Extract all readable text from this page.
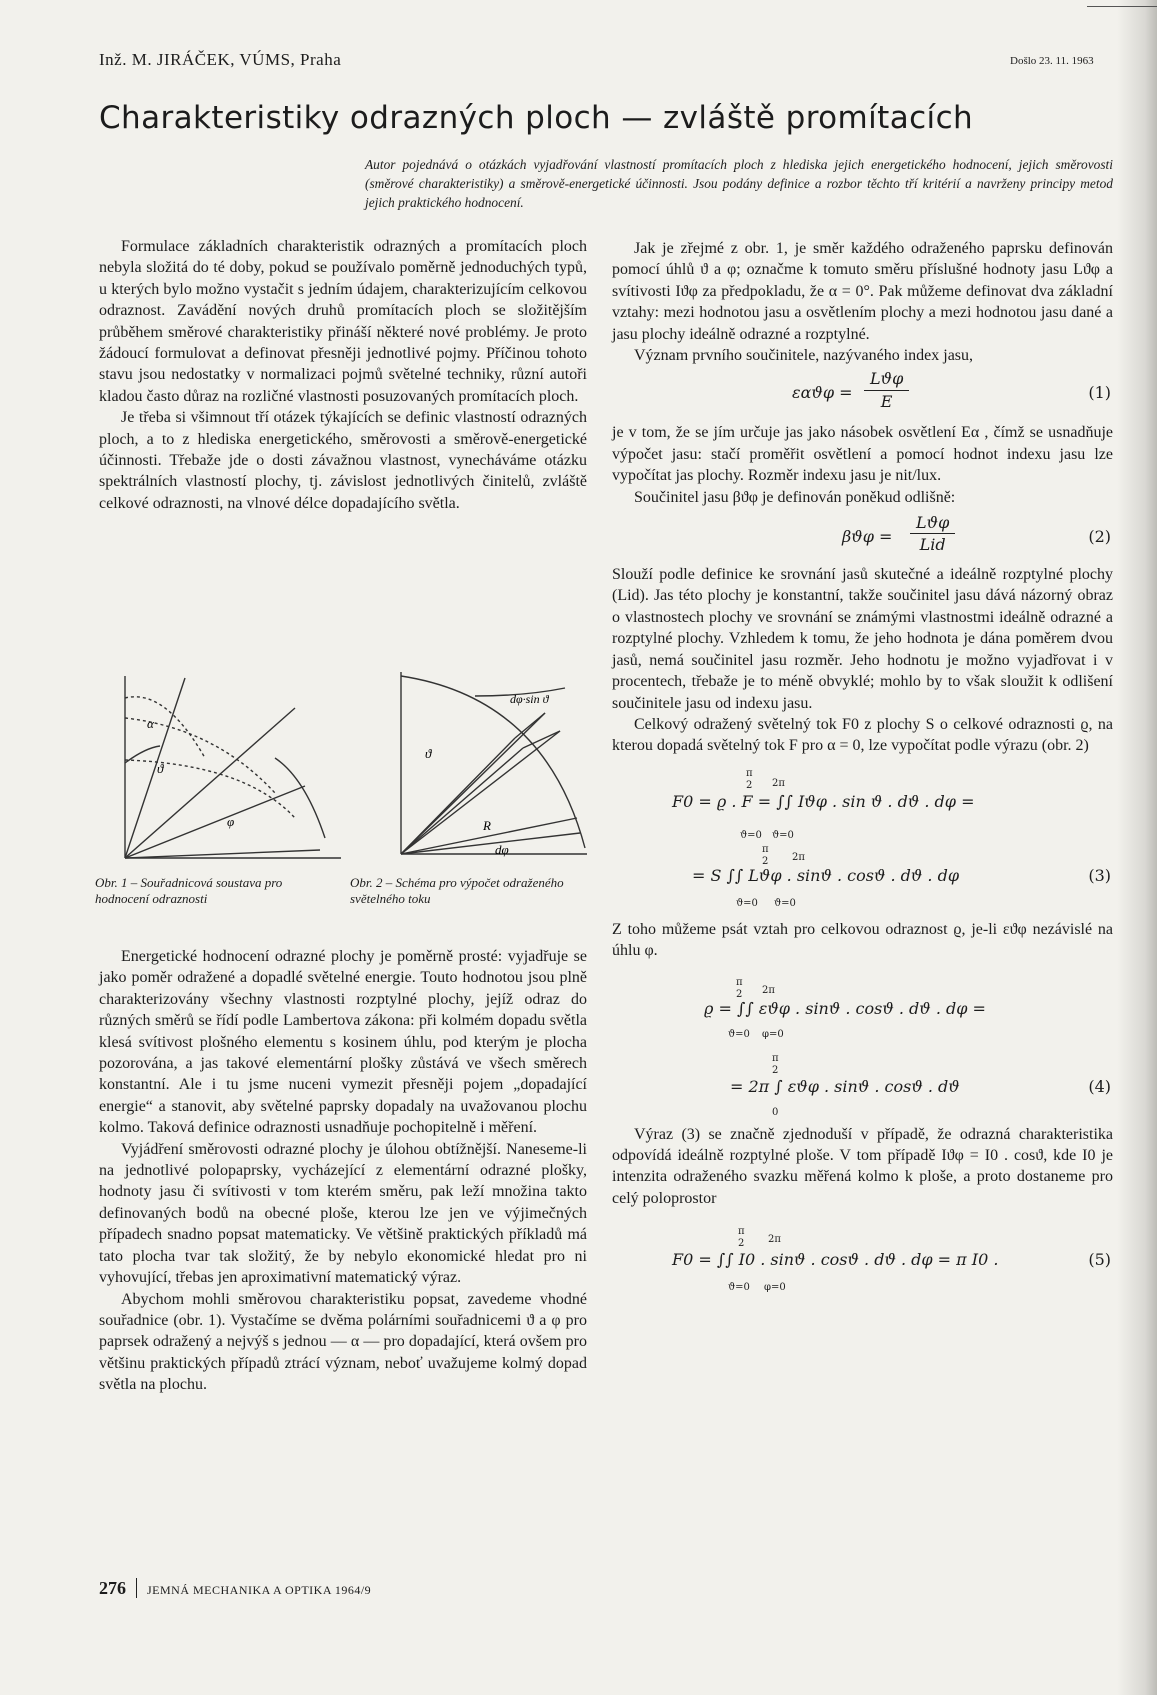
Inž. M. JIRÁČEK, VÚMS, Praha	Došlo 23. 11. 1963
Charakteristiky odrazných ploch — zvláště promítacích
Autor pojednává o otázkách vyjadřování vlastností promítacích ploch z hlediska jejich energetického hodnocení, jejich směrovosti (směrové charakteristiky) a směrově-energetické účinnosti. Jsou podány definice a rozbor těchto tří kritérií a navrženy principy metod jejich praktického hodnocení.

Formulace základních charakteristik odrazných a promítacích ploch nebyla složitá do té doby, pokud se používalo poměrně jednoduchých typů, u kterých bylo možno vystačit s jedním údajem, charakterizujícím celkovou odraznost. Zavádění nových druhů promítacích ploch se složitějším průběhem směrové charakteristiky přináší některé nové problémy. Je proto žádoucí formulovat a definovat přesněji jednotlivé pojmy. Příčinou tohoto stavu jsou nedostatky v normalizaci pojmů světelné techniky, různí autoři kladou často důraz na rozličné vlastnosti posuzovaných promítacích ploch.

Je třeba si všimnout tří otázek týkajících se definic vlastností odrazných ploch, a to z hlediska energetického, směrovosti a směrově-energetické účinnosti. Třebaže jde o dosti závažnou vlastnost, vynecháváme otázku spektrálních vlastností plochy, tj. závislost jednotlivých činitelů, zvláště celkové odraznosti, na vlnové délce dopadajícího světla.

α
ϑ
φ
Obr. 1 – Souřadnicová soustava pro hodnocení odraznosti
dφ·sin ϑ
ϑ
R
dφ
Obr. 2 – Schéma pro výpočet odraženého světelného toku

Energetické hodnocení odrazné plochy je poměrně prosté: vyjadřuje se jako poměr odražené a dopadlé světelné energie. Touto hodnotou jsou plně charakterizovány všechny vlastnosti rozptylné plochy, jejíž odraz do různých směrů se řídí podle Lambertova zákona: při kolmém dopadu světla klesá svítivost plošného elementu s kosinem úhlu, pod kterým je plocha pozorována, a jas takové elementární plošky zůstává ve všech směrech konstantní. Ale i tu jsme nuceni vymezit přesněji pojem „dopadající energie“ a stanovit, aby světelné paprsky dopadaly na uvažovanou plochu kolmo. Taková definice odraznosti usnadňuje pochopitelně i měření.

Vyjádření směrovosti odrazné plochy je úlohou obtížnější. Naneseme-li na jednotlivé polopaprsky, vycházející z elementární odrazné plošky, hodnoty jasu či svítivosti v tom kterém směru, pak leží množina takto definovaných bodů na obecné ploše, kterou lze jen ve výjimečných případech snadno popsat matematicky. Ve většině praktických příkladů má tato plocha tvar tak složitý, že by nebylo ekonomické hledat pro ni vyhovující, třebas jen aproximativní matematický výraz.

Abychom mohli směrovou charakteristiku popsat, zavedeme vhodné souřadnice (obr. 1). Vystačíme se dvěma polárními souřadnicemi ϑ a φ pro paprsek odražený a nejvýš s jednou — α — pro dopadající, která ovšem pro většinu praktických případů ztrácí význam, neboť uvažujeme kolmý dopad světla na plochu.

Jak je zřejmé z obr. 1, je směr každého odraženého paprsku definován pomocí úhlů ϑ a φ; označme k tomuto směru příslušné hodnoty jasu Lϑφ a svítivosti Iϑφ za předpokladu, že α = 0°. Pak můžeme definovat dva základní vztahy: mezi hodnotou jasu a osvětlením plochy a mezi hodnotou jasu dané a jasu plochy ideálně odrazné a rozptylné.

Význam prvního součinitele, nazývaného index jasu,

εαϑφ =
Lϑφ
E	(1)

je v tom, že se jím určuje jas jako násobek osvětlení Eα , čímž se usnadňuje výpočet jasu: stačí proměřit osvětlení a pomocí hodnot indexu jasu lze vypočítat jas plochy. Rozměr indexu jasu je nit/lux.

Součinitel jasu βϑφ je definován poněkud odlišně:

βϑφ =
Lϑφ
Lid	(2)

Slouží podle definice ke srovnání jasů skutečné a ideálně rozptylné plochy (Lid). Jas této plochy je konstantní, takže součinitel jasu dává názorný obraz o vlastnostech plochy ve srovnání se známými vlastnostmi ideálně odrazné a rozptylné plochy. Vzhledem k tomu, že jeho hodnota je dána poměrem dvou jasů, nemá součinitel jasu rozměr. Jeho hodnotu je možno vyjadřovat i v procentech, třebaže je to méně obvyklé; mohlo by to však sloužit k odlišení součinitele jasu od indexu jasu.

Celkový odražený světelný tok F0 z plochy S o celkové odraznosti ϱ, na kterou dopadá světelný tok F pro α = 0, lze vypočítat podle výrazu (obr. 2)

π
2 2π
F0 = ϱ . F = ∫∫ Iϑφ . sin ϑ . dϑ . dφ =
ϑ=0 ϑ=0
π
2 2π
= S ∫∫ Lϑφ . sinϑ . cosϑ . dϑ . dφ
ϑ=0 ϑ=0
(3)

Z toho můžeme psát vztah pro celkovou odraznost ϱ, je-li εϑφ nezávislé na úhlu φ.

π
2 2π
ϱ = ∫∫ εϑφ . sinϑ . cosϑ . dϑ . dφ =
ϑ=0 φ=0
π
2
= 2π ∫ εϑφ . sinϑ . cosϑ . dϑ
0
(4)

Výraz (3) se značně zjednoduší v případě, že odrazná charakteristika odpovídá ideálně rozptylné ploše. V tom případě Iϑφ = I0 . cosϑ, kde I0 je intenzita odraženého svazku měřená kolmo k ploše, a proto dostaneme pro celý poloprostor

π
2 2π
F0 = ∫∫ I0 . sinϑ . cosϑ . dϑ . dφ = π I0 .
ϑ=0 φ=0
(5)
276 JEMNÁ MECHANIKA A OPTIKA 1964/9
